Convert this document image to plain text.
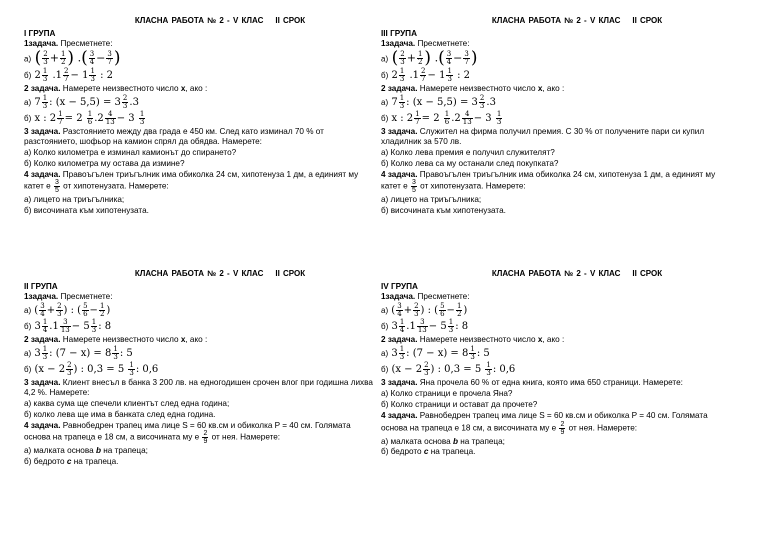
КЛАСНА РАБОТА № 2 - V КЛАС II СРОК
I ГРУПА
1задача. Пресметнете:
а) ( $\frac{2}{3} + \frac{1}{2}$ ) .( $\frac{3}{4} - \frac{3}{7}$ )
б) $2 \frac{1}{3} .1 \frac{2}{7} - 1 \frac{1}{3}$ : 2
2 задача. Намерете неизвестното число x, ако :
а) $7 \frac{1}{3}$ : $(x - 5,5) = 3 \frac{2}{3} .3$
б) x : $2 \frac{1}{7} = 2 \frac{1}{6} .2 \frac{4}{13} - 3 \frac{1}{3}$
3 задача. Разстоянието между два града е 450 км. След като изминал 70 % от разстоянието, шофьор на камион спрял да обядва. Намерете:
а) Колко километра е изминал камионът до спирането?
б) Колко километра му остава да измине?
4 задача. Правоъгълен триъгълник има обиколка 24 см, хипотенуза 1 дм, а единият му катет е $\frac{3}{5}$ от хипотенузата. Намерете:
а) лицето на триъгълника;
б) височината към хипотенузата.
КЛАСНА РАБОТА № 2 - V КЛАС II СРОК
III ГРУПА
1задача. Пресметнете:
а) ( $\frac{2}{3} + \frac{1}{2}$ ) .( $\frac{3}{4} - \frac{3}{7}$ )
б) $2 \frac{1}{3} .1 \frac{2}{7} - 1 \frac{1}{3}$ : 2
2 задача. Намерете неизвестното число x, ако :
а) $7 \frac{1}{3}$ : $(x - 5,5) = 3 \frac{2}{3} .3$
б) x : $2 \frac{1}{7} = 2 \frac{1}{6} .2 \frac{4}{13} - 3 \frac{1}{3}$
3 задача. Служител на фирма получил премия. С 30 % от получените пари си купил хладилник за 570 лв.
а) Колко лева премия е получил служителят?
б) Колко лева са му останали след покупката?
4 задача. Правоъгълен триъгълник има обиколка 24 см, хипотенуза 1 дм, а единият му катет е $\frac{3}{5}$ от хипотенузата. Намерете:
а) лицето на триъгълника;
б) височината към хипотенузата.
КЛАСНА РАБОТА № 2 - V КЛАС II СРОК
II ГРУПА
1задача. Пресметнете:
а) ( $\frac{3}{4} + \frac{2}{3}$ ) : ( $\frac{5}{6} - \frac{1}{2}$ )
б) $3 \frac{1}{4} .1 \frac{3}{13} - 5 \frac{1}{3}$ : 8
2 задача. Намерете неизвестното число x, ако :
а) $3 \frac{1}{3}$ : $(7 - x) = 8 \frac{1}{3}$ : 5
б) ($x - 2 \frac{2}{3}$ ) : $0,3 = 5 \frac{1}{3}$ : 0,6
3 задача. Клиент внесъл в банка 3 200 лв. на едногодишен срочен влог при годишна лихва 4,2 %. Намерете:
а) каква сума ще спечели клиентът след една година;
б) колко лева ще има в банката след една година.
4 задача. Равнобедрен трапец има лице S = 60 кв.см и обиколка P = 40 см. Голямата основа на трапеца е 18 см, а височината му е $\frac{2}{9}$ от нея. Намерете:
а) малката основа b на трапеца;
б) бедрото c на трапеца.
КЛАСНА РАБОТА № 2 - V КЛАС II СРОК
IV ГРУПА
1задача. Пресметнете:
а) ( $\frac{3}{4} + \frac{2}{3}$ ) : ( $\frac{5}{6} - \frac{1}{2}$ )
б) $3 \frac{1}{4} .1 \frac{3}{13} - 5 \frac{1}{3}$ : 8
2 задача. Намерете неизвестното число x, ако :
а) $3 \frac{1}{3}$ : $(7 - x) = 8 \frac{1}{3}$ : 5
б) ($x - 2 \frac{2}{3}$ ) : $0,3 = 5 \frac{1}{3}$ : 0,6
3 задача. Яна прочела 60 % от една книга, която има 650 страници. Намерете:
а) Колко страници е прочела Яна?
б) Колко страници и остават да прочете?
4 задача. Равнобедрен трапец има лице S = 60 кв.см и обиколка P = 40 см. Голямата основа на трапеца е 18 см, а височината му е $\frac{2}{9}$ от нея. Намерете:
а) малката основа b на трапеца;
б) бедрото c на трапеца.
